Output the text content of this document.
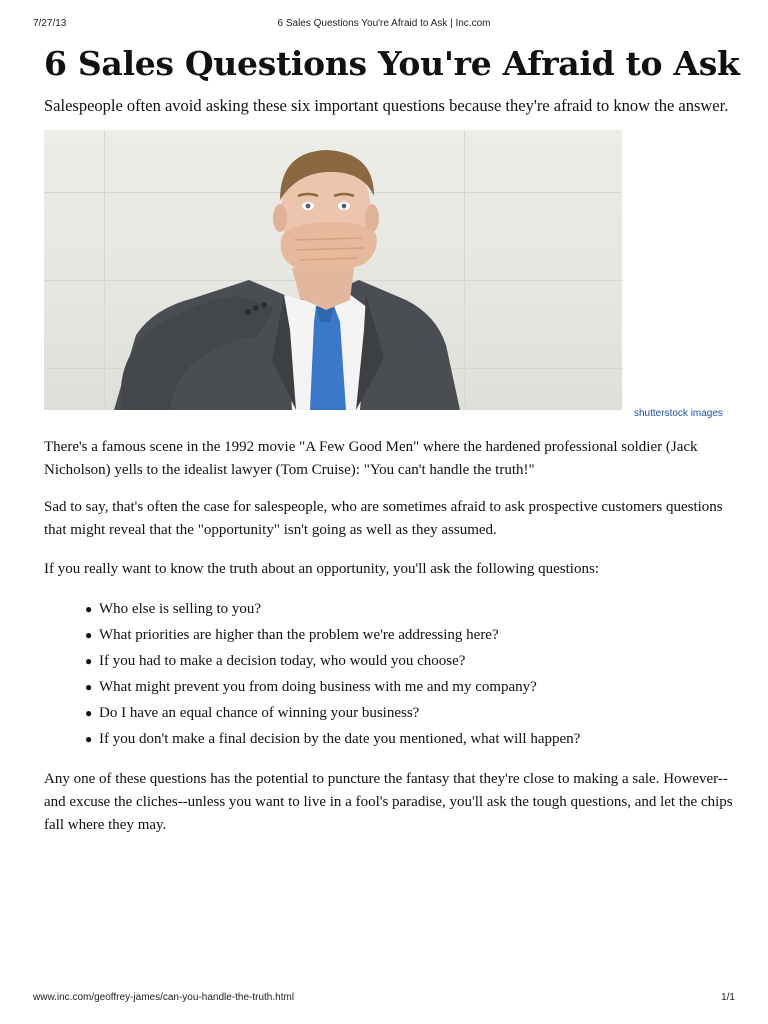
7/27/13	6 Sales Questions You're Afraid to Ask | Inc.com
6 Sales Questions You're Afraid to Ask

Salespeople often avoid asking these six important questions because they're afraid to know the answer.

shutterstock images

There's a famous scene in the 1992 movie "A Few Good Men" where the hardened professional soldier (Jack Nicholson) yells to the idealist lawyer (Tom Cruise): "You can't handle the truth!"

Sad to say, that's often the case for salespeople, who are sometimes afraid to ask prospective customers questions that might reveal that the "opportunity" isn't going as well as they assumed.

If you really want to know the truth about an opportunity, you'll ask the following questions:

● Who else is selling to you?
● What priorities are higher than the problem we're addressing here?
● If you had to make a decision today, who would you choose?
● What might prevent you from doing business with me and my company?
● Do I have an equal chance of winning your business?
● If you don't make a final decision by the date you mentioned, what will happen?

Any one of these questions has the potential to puncture the fantasy that they're close to making a sale. However--and excuse the cliches--unless you want to live in a fool's paradise, you'll ask the tough questions, and let the chips fall where they may.

www.inc.com/geoffrey-james/can-you-handle-the-truth.html	1/1
